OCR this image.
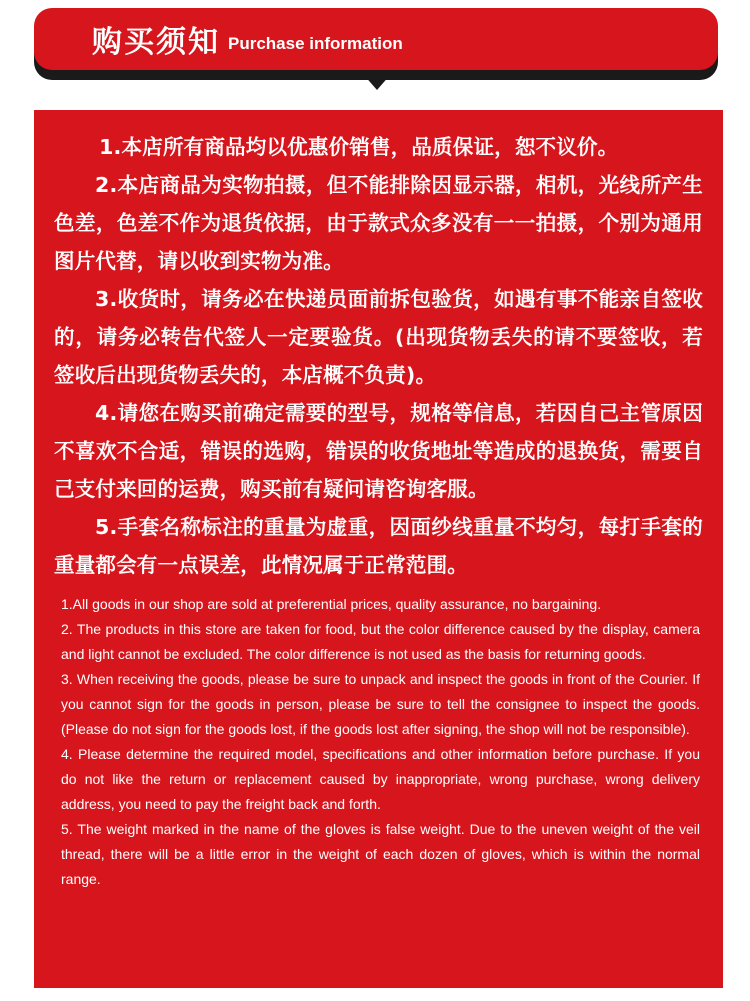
购买须知 Purchase information

1.本店所有商品均以优惠价销售，品质保证，恕不议价。

2.本店商品为实物拍摄，但不能排除因显示器，相机，光线所产生色差，色差不作为退货依据，由于款式众多没有一一拍摄，个别为通用图片代替，请以收到实物为准。

3.收货时，请务必在快递员面前拆包验货，如遇有事不能亲自签收的，请务必转告代签人一定要验货。(出现货物丢失的请不要签收，若签收后出现货物丢失的，本店概不负责)。

4.请您在购买前确定需要的型号，规格等信息，若因自己主管原因不喜欢不合适，错误的选购，错误的收货地址等造成的退换货，需要自己支付来回的运费，购买前有疑问请咨询客服。

5.手套名称标注的重量为虚重，因面纱线重量不均匀，每打手套的重量都会有一点误差，此情况属于正常范围。

1.All goods in our shop are sold at preferential prices, quality assurance, no bargaining.

2. The products in this store are taken for food, but the color difference caused by the display, camera and light cannot be excluded. The color difference is not used as the basis for returning goods.

3. When receiving the goods, please be sure to unpack and inspect the goods in front of the Courier. If you cannot sign for the goods in person, please be sure to tell the consignee to inspect the goods. (Please do not sign for the goods lost, if the goods lost after signing, the shop will not be responsible).

4. Please determine the required model, specifications and other information before purchase. If you do not like the return or replacement caused by inappropriate, wrong purchase, wrong delivery address, you need to pay the freight back and forth.

5. The weight marked in the name of the gloves is false weight. Due to the uneven weight of the veil thread, there will be a little error in the weight of each dozen of gloves, which is within the normal range.
